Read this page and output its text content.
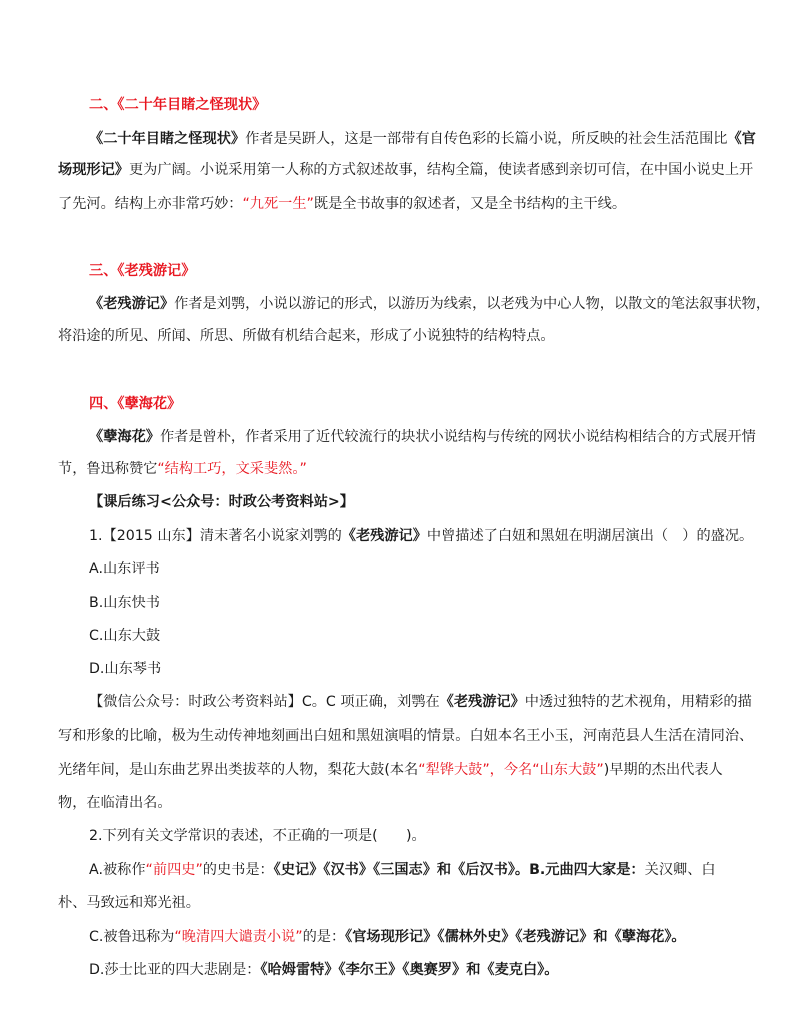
二、《二十年目睹之怪现状》
《二十年目睹之怪现状》作者是吴趼人，这是一部带有自传色彩的长篇小说，所反映的社会生活范围比《官
场现形记》更为广阔。小说采用第一人称的方式叙述故事，结构全篇，使读者感到亲切可信，在中国小说史上开
了先河。结构上亦非常巧妙：“九死一生”既是全书故事的叙述者，又是全书结构的主干线。
三、《老残游记》
《老残游记》作者是刘鹗，小说以游记的形式，以游历为线索，以老残为中心人物，以散文的笔法叙事状物，
将沿途的所见、所闻、所思、所做有机结合起来，形成了小说独特的结构特点。
四、《孽海花》
《孽海花》作者是曾朴，作者采用了近代较流行的块状小说结构与传统的网状小说结构相结合的方式展开情
节，鲁迅称赞它“结构工巧，文采斐然。”
【课后练习<公众号：时政公考资料站>】
1.【2015 山东】清末著名小说家刘鹗的《老残游记》中曾描述了白妞和黑妞在明湖居演出（　）的盛况。
A.山东评书
B.山东快书
C.山东大鼓
D.山东琴书
【微信公众号：时政公考资料站】C。C 项正确，刘鹗在《老残游记》中透过独特的艺术视角，用精彩的描
写和形象的比喻，极为生动传神地刻画出白妞和黑妞演唱的情景。白妞本名王小玉，河南范县人生活在清同治、
光绪年间，是山东曲艺界出类拔萃的人物，梨花大鼓(本名“犁铧大鼓”，今名“山东大鼓”)早期的杰出代表人
物，在临清出名。
2.下列有关文学常识的表述，不正确的一项是(　　)。
A.被称作“前四史”的史书是：《史记》《汉书》《三国志》和《后汉书》。B.元曲四大家是：关汉卿、白
朴、马致远和郑光祖。
C.被鲁迅称为“晚清四大谴责小说”的是：《官场现形记》《儒林外史》《老残游记》和《孽海花》。
D.莎士比亚的四大悲剧是：《哈姆雷特》《李尔王》《奥赛罗》和《麦克白》。
